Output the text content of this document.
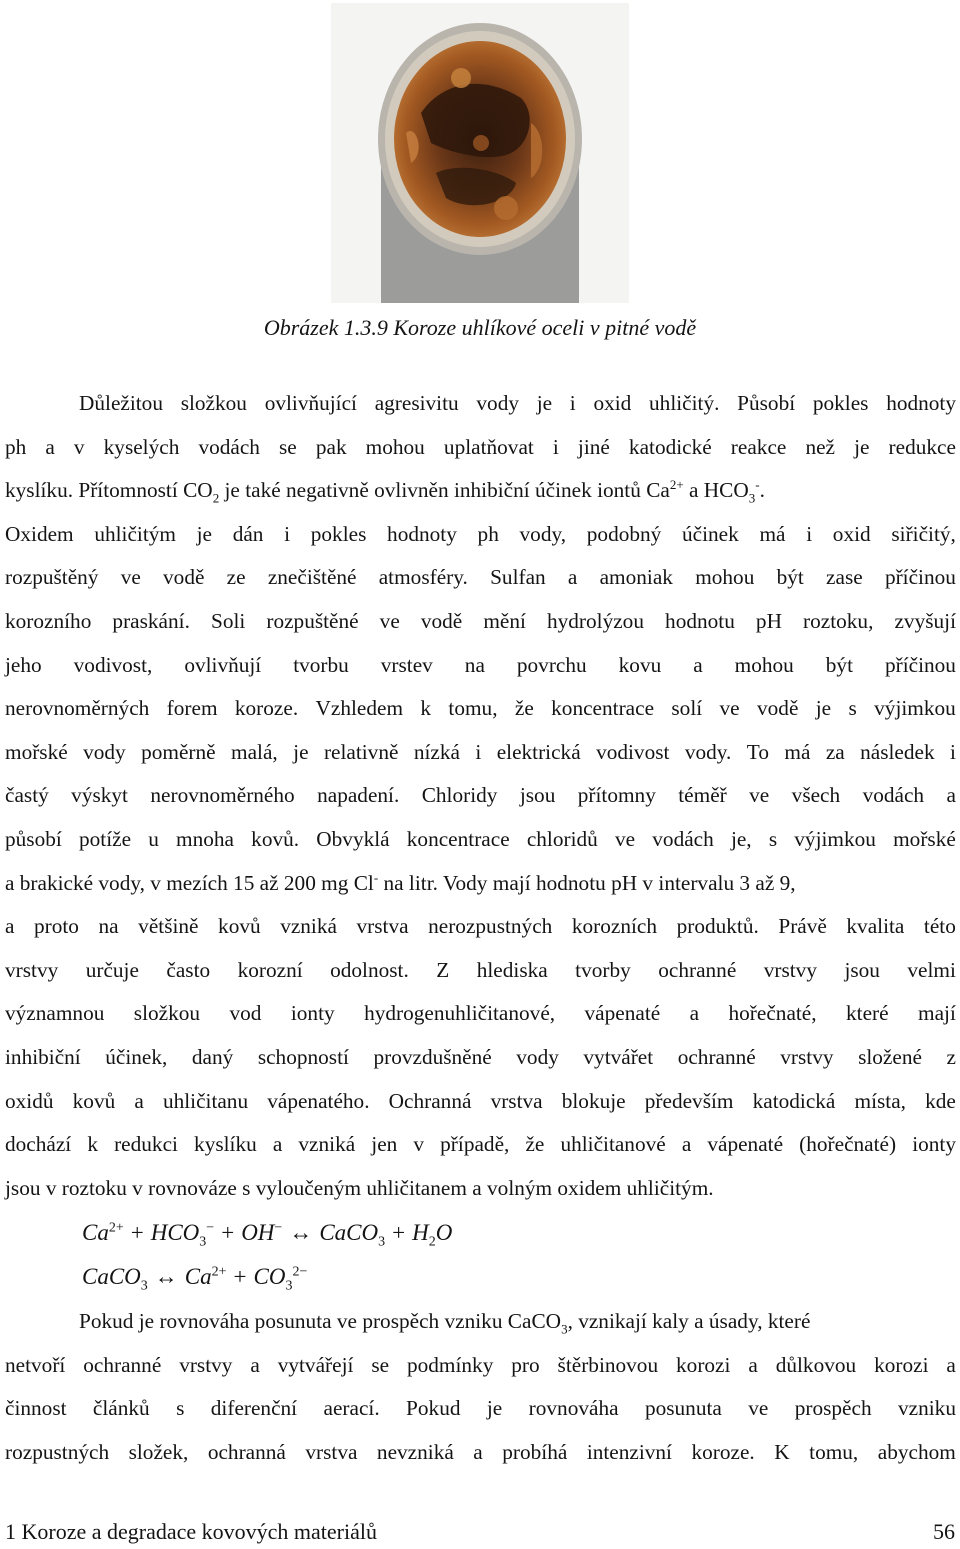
Obrázek 1.3.9 Koroze uhlíkové oceli v pitné vodě

Důležitou složkou ovlivňující agresivitu vody je i oxid uhličitý. Působí pokles hodnoty
ph a v kyselých vodách se pak mohou uplatňovat i jiné katodické reakce než je redukce
kyslíku. Přítomností $CO_2$ je také negativně ovlivněn inhibiční účinek iontů $Ca^{2+}$ a $HCO_3^-$.
Oxidem uhličitým je dán i pokles hodnoty ph vody, podobný účinek má i oxid siřičitý,
rozpuštěný ve vodě ze znečištěné atmosféry. Sulfan a amoniak mohou být zase příčinou
korozního praskání. Soli rozpuštěné ve vodě mění hydrolýzou hodnotu pH roztoku, zvyšují
jeho vodivost, ovlivňují tvorbu vrstev na povrchu kovu a mohou být příčinou
nerovnoměrných forem koroze. Vzhledem k tomu, že koncentrace solí ve vodě je s výjimkou
mořské vody poměrně malá, je relativně nízká i elektrická vodivost vody. To má za následek i
častý výskyt nerovnoměrného napadení. Chloridy jsou přítomny téměř ve všech vodách a
působí potíže u mnoha kovů. Obvyklá koncentrace chloridů ve vodách je, s výjimkou mořské
a brakické vody, v mezích 15 až 200 mg Cl- na litr. Vody mají hodnotu pH v intervalu 3 až 9,
a proto na většině kovů vzniká vrstva nerozpustných korozních produktů. Právě kvalita této
vrstvy určuje často korozní odolnost. Z hlediska tvorby ochranné vrstvy jsou velmi
významnou složkou vod ionty hydrogenuhličitanové, vápenaté a hořečnaté, které mají
inhibiční účinek, daný schopností provzdušněné vody vytvářet ochranné vrstvy složené z
oxidů kovů a uhličitanu vápenatého. Ochranná vrstva blokuje především katodická místa, kde
dochází k redukci kyslíku a vzniká jen v případě, že uhličitanové a vápenaté (hořečnaté) ionty
jsou v roztoku v rovnováze s vyloučeným uhličitanem a volným oxidem uhličitým.

$Ca^{2+} + HCO_3^- + OH^-$ ↔ CaCO$_3$ + $H_2O$
CaCO$_3$ ↔ $Ca^{2+} + CO_3^{2-}$

Pokud je rovnováha posunuta ve prospěch vzniku CaCO$_3$, vznikají kaly a úsady, které
netvoří ochranné vrstvy a vytvářejí se podmínky pro štěrbinovou korozi a důlkovou korozi a
činnost článků s diferenční aerací. Pokud je rovnováha posunuta ve prospěch vzniku
rozpustných složek, ochranná vrstva nevzniká a probíhá intenzivní koroze. K tomu, abychom

1 Koroze a degradace kovových materiálů	56
